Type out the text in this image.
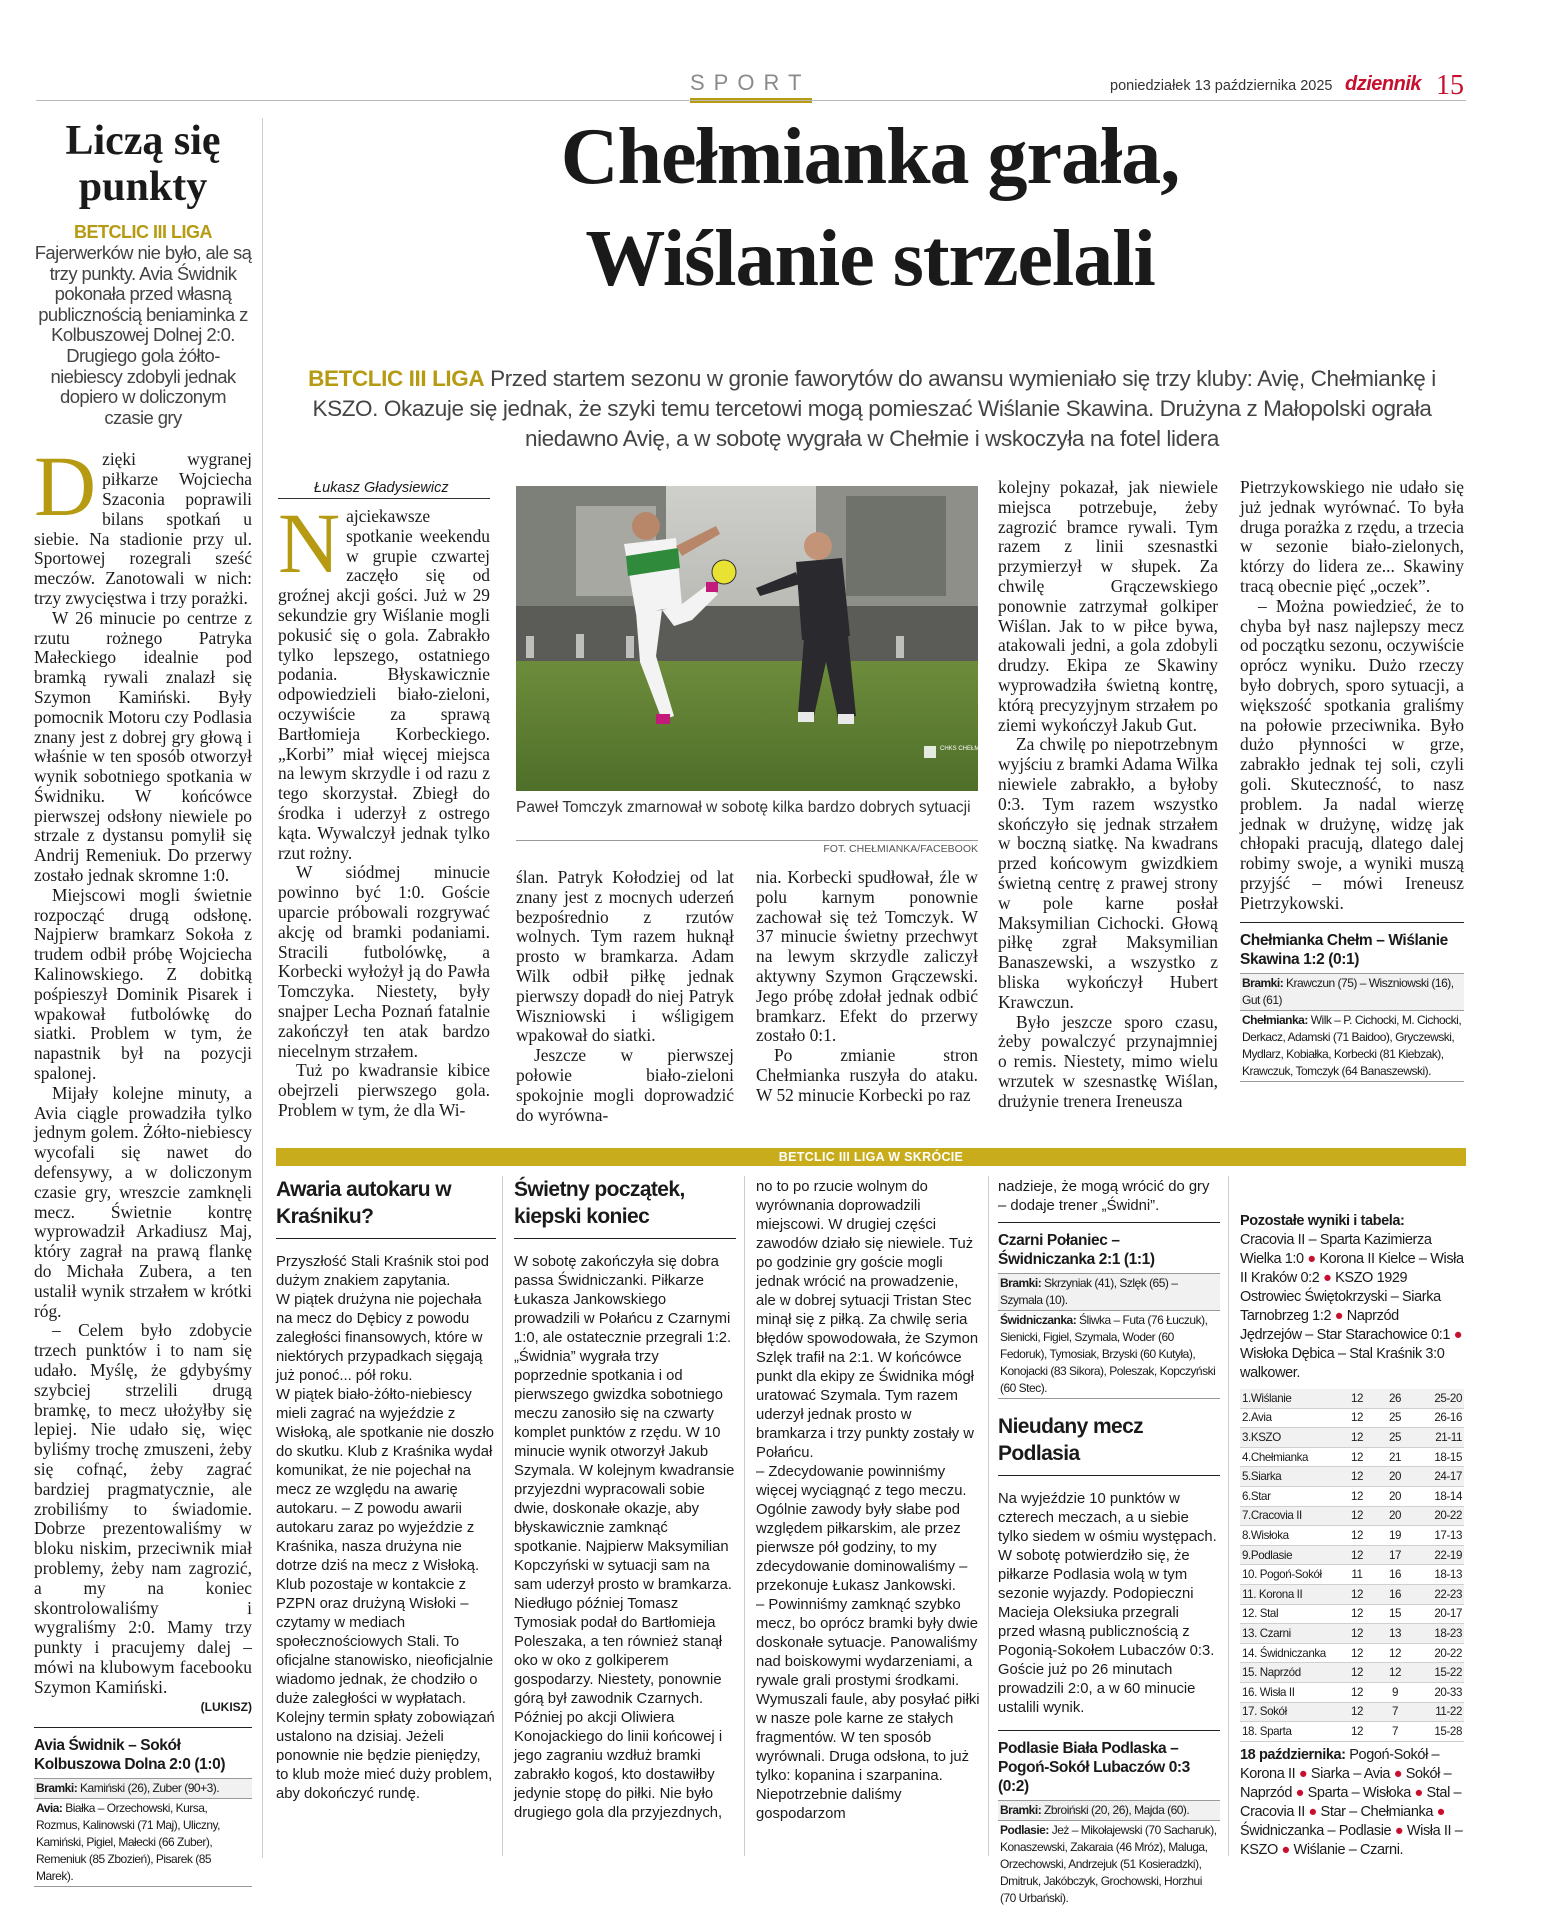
SPORT	poniedziałek 13 października 2025 dziennik 15
Liczą się punkty
BETCLIC III LIGA
Fajerwerków nie było, ale są trzy punkty. Avia Świdnik pokonała przed własną publicznością beniaminka z Kolbuszowej Dolnej 2:0. Drugiego gola żółto-niebiescy zdobyli jednak dopiero w doliczonym czasie gry

Dzięki wygranej piłkarze Wojciecha Szaconia poprawili bilans spotkań u siebie. Na stadionie przy ul. Sportowej rozegrali sześć meczów. Zanotowali w nich: trzy zwycięstwa i trzy porażki.

W 26 minucie po centrze z rzutu rożnego Patryka Małeckiego idealnie pod bramką rywali znalazł się Szymon Kamiński. Były pomocnik Motoru czy Podlasia znany jest z dobrej gry głową i właśnie w ten sposób otworzył wynik sobotniego spotkania w Świdniku. W końcówce pierwszej odsłony niewiele po strzale z dystansu pomylił się Andrij Remeniuk. Do przerwy zostało jednak skromne 1:0.

Miejscowi mogli świetnie rozpocząć drugą odsłonę. Najpierw bramkarz Sokoła z trudem odbił próbę Wojciecha Kalinowskiego. Z dobitką pośpieszył Dominik Pisarek i wpakował futbolówkę do siatki. Problem w tym, że napastnik był na pozycji spalonej.

Mijały kolejne minuty, a Avia ciągle prowadziła tylko jednym golem. Żółto-niebiescy wycofali się nawet do defensywy, a w doliczonym czasie gry, wreszcie zamknęli mecz. Świetnie kontrę wyprowadził Arkadiusz Maj, który zagrał na prawą flankę do Michała Zubera, a ten ustalił wynik strzałem w krótki róg.

– Celem było zdobycie trzech punktów i to nam się udało. Myślę, że gdybyśmy szybciej strzelili drugą bramkę, to mecz ułożyłby się lepiej. Nie udało się, więc byliśmy trochę zmuszeni, żeby się cofnąć, żeby zagrać bardziej pragmatycznie, ale zrobiliśmy to świadomie. Dobrze prezentowaliśmy w bloku niskim, przeciwnik miał problemy, żeby nam zagrozić, a my na koniec skontrolowaliśmy i wygraliśmy 2:0. Mamy trzy punkty i pracujemy dalej – mówi na klubowym facebooku Szymon Kamiński.

(LUKISZ)
Avia Świdnik – Sokół Kolbuszowa Dolna 2:0 (1:0)
Bramki: Kamiński (26), Zuber (90+3).
Avia: Białka – Orzechowski, Kursa, Rozmus, Kalinowski (71 Maj), Uliczny, Kamiński, Pigiel, Małecki (66 Zuber), Remeniuk (85 Zbozień), Pisarek (85 Marek).
Chełmianka grała,
Wiślanie strzelali
BETCLIC III LIGA Przed startem sezonu w gronie faworytów do awansu wymieniało się trzy kluby: Avię, Chełmiankę i KSZO. Okazuje się jednak, że szyki temu tercetowi mogą pomieszać Wiślanie Skawina. Drużyna z Małopolski ograła niedawno Avię, a w sobotę wygrała w Chełmie i wskoczyła na fotel lidera
Łukasz Gładysiewicz

Najciekawsze spotkanie weekendu w grupie czwartej zaczęło się od groźnej akcji gości. Już w 29 sekundzie gry Wiślanie mogli pokusić się o gola. Zabrakło tylko lepszego, ostatniego podania. Błyskawicznie odpowiedzieli biało-zieloni, oczywiście za sprawą Bartłomieja Korbeckiego. „Korbi” miał więcej miejsca na lewym skrzydle i od razu z tego skorzystał. Zbiegł do środka i uderzył z ostrego kąta. Wywalczył jednak tylko rzut rożny.

W siódmej minucie powinno być 1:0. Goście uparcie próbowali rozgrywać akcję od bramki podaniami. Stracili futbolówkę, a Korbecki wyłożył ją do Pawła Tomczyka. Niestety, były snajper Lecha Poznań fatalnie zakończył ten atak bardzo niecelnym strzałem.

Tuż po kwadransie kibice obejrzeli pierwszego gola. Problem w tym, że dla Wi-

CHKS CHEŁMIANKA CHEŁM
Paweł Tomczyk zmarnował w sobotę kilka bardzo dobrych sytuacji
FOT. CHEŁMIANKA/FACEBOOK

ślan. Patryk Kołodziej od lat znany jest z mocnych uderzeń bezpośrednio z rzutów wolnych. Tym razem huknął prosto w bramkarza. Adam Wilk odbił piłkę jednak pierwszy dopadł do niej Patryk Wiszniowski i wśligigem wpakował do siatki.

Jeszcze w pierwszej połowie biało-zieloni spokojnie mogli doprowadzić do wyrówna-

nia. Korbecki spudłował, źle w polu karnym ponownie zachował się też Tomczyk. W 37 minucie świetny przechwyt na lewym skrzydle zaliczył aktywny Szymon Grączewski. Jego próbę zdołał jednak odbić bramkarz. Efekt do przerwy zostało 0:1.

Po zmianie stron Chełmianka ruszyła do ataku. W 52 minucie Korbecki po raz

kolejny pokazał, jak niewiele miejsca potrzebuje, żeby zagrozić bramce rywali. Tym razem z linii szesnastki przymierzył w słupek. Za chwilę Grączewskiego ponownie zatrzymał golkiper Wiślan. Jak to w piłce bywa, atakowali jedni, a gola zdobyli drudzy. Ekipa ze Skawiny wyprowadziła świetną kontrę, którą precyzyjnym strzałem po ziemi wykończył Jakub Gut.

Za chwilę po niepotrzebnym wyjściu z bramki Adama Wilka niewiele zabrakło, a byłoby 0:3. Tym razem wszystko skończyło się jednak strzałem w boczną siatkę. Na kwadrans przed końcowym gwizdkiem świetną centrę z prawej strony w pole karne posłał Maksymilian Cichocki. Głową piłkę zgrał Maksymilian Banaszewski, a wszystko z bliska wykończył Hubert Krawczun.

Było jeszcze sporo czasu, żeby powalczyć przynajmniej o remis. Niestety, mimo wielu wrzutek w szesnastkę Wiślan, drużynie trenera Ireneusza

Pietrzykowskiego nie udało się już jednak wyrównać. To była druga porażka z rzędu, a trzecia w sezonie biało-zielonych, którzy do lidera ze... Skawiny tracą obecnie pięć „oczek”.

– Można powiedzieć, że to chyba był nasz najlepszy mecz od początku sezonu, oczywiście oprócz wyniku. Dużo rzeczy było dobrych, sporo sytuacji, a większość spotkania graliśmy na połowie przeciwnika. Było dużo płynności w grze, zabrakło jednak tej soli, czyli goli. Skuteczność, to nasz problem. Ja nadal wierzę jednak w drużynę, widzę jak chłopaki pracują, dlatego dalej robimy swoje, a wyniki muszą przyjść – mówi Ireneusz Pietrzykowski.

Chełmianka Chełm – Wiślanie Skawina 1:2 (0:1)
Bramki: Krawczun (75) – Wiszniowski (16), Gut (61)
Chełmianka: Wilk – P. Cichocki, M. Cichocki, Derkacz, Adamski (71 Baidoo), Gryczewski, Mydlarz, Kobiałka, Korbecki (81 Kiebzak), Krawczuk, Tomczyk (64 Banaszewski).
BETCLIC III LIGA W SKRÓCIE
Awaria autokaru w Kraśniku?

Przyszłość Stali Kraśnik stoi pod dużym znakiem zapytania.

W piątek drużyna nie pojechała na mecz do Dębicy z powodu zaległości finansowych, które w niektórych przypadkach sięgają już ponoć... pół roku.

W piątek biało-żółto-niebiescy mieli zagrać na wyjeździe z Wisłoką, ale spotkanie nie doszło do skutku. Klub z Kraśnika wydał komunikat, że nie pojechał na mecz ze względu na awarię autokaru. – Z powodu awarii autokaru zaraz po wyjeździe z Kraśnika, nasza drużyna nie dotrze dziś na mecz z Wisłoką. Klub pozostaje w kontakcie z PZPN oraz drużyną Wisłoki – czytamy w mediach społecznościowych Stali. To oficjalne stanowisko, nieoficjalnie wiadomo jednak, że chodziło o duże zaległości w wypłatach. Kolejny termin spłaty zobowiązań ustalono na dzisiaj. Jeżeli ponownie nie będzie pieniędzy, to klub może mieć duży problem, aby dokończyć rundę.

Świetny początek, kiepski koniec

W sobotę zakończyła się dobra passa Świdniczanki. Piłkarze Łukasza Jankowskiego prowadzili w Połańcu z Czarnymi 1:0, ale ostatecznie przegrali 1:2. „Świdnia” wygrała trzy poprzednie spotkania i od pierwszego gwizdka sobotniego meczu zanosiło się na czwarty komplet punktów z rzędu. W 10 minucie wynik otworzył Jakub Szymala. W kolejnym kwadransie przyjezdni wypracowali sobie dwie, doskonałe okazje, aby błyskawicznie zamknąć spotkanie. Najpierw Maksymilian Kopczyński w sytuacji sam na sam uderzył prosto w bramkarza. Niedługo później Tomasz Tymosiak podał do Bartłomieja Poleszaka, a ten również stanął oko w oko z golkiperem gospodarzy. Niestety, ponownie górą był zawodnik Czarnych. Później po akcji Oliwiera Konojackiego do linii końcowej i jego zagraniu wzdłuż bramki zabrakło kogoś, kto dostawiłby jedynie stopę do piłki. Nie było drugiego gola dla przyjezdnych,

no to po rzucie wolnym do wyrównania doprowadzili miejscowi. W drugiej części zawodów działo się niewiele. Tuż po godzinie gry goście mogli jednak wrócić na prowadzenie, ale w dobrej sytuacji Tristan Stec minął się z piłką. Za chwilę seria błędów spowodowała, że Szymon Szlęk trafił na 2:1. W końcówce punkt dla ekipy ze Świdnika mógł uratować Szymala. Tym razem uderzył jednak prosto w bramkarza i trzy punkty zostały w Połańcu.

– Zdecydowanie powinniśmy więcej wyciągnąć z tego meczu. Ogólnie zawody były słabe pod względem piłkarskim, ale przez pierwsze pół godziny, to my zdecydowanie dominowaliśmy – przekonuje Łukasz Jankowski.

– Powinniśmy zamknąć szybko mecz, bo oprócz bramki były dwie doskonałe sytuacje. Panowaliśmy nad boiskowymi wydarzeniami, a rywale grali prostymi środkami. Wymuszali faule, aby posyłać piłki w nasze pole karne ze stałych fragmentów. W ten sposób wyrównali. Druga odsłona, to już tylko: kopanina i szarpanina. Niepotrzebnie daliśmy gospodarzom

nadzieje, że mogą wrócić do gry – dodaje trener „Świdni”.
Czarni Połaniec – Świdniczanka 2:1 (1:1)
Bramki: Skrzyniak (41), Szlęk (65) – Szymala (10).
Świdniczanka: Śliwka – Futa (76 Łuczuk), Sienicki, Figiel, Szymala, Woder (60 Fedoruk), Tymosiak, Brzyski (60 Kutyła), Konojacki (83 Sikora), Poleszak, Kopczyński (60 Stec).
Nieudany mecz Podlasia

Na wyjeździe 10 punktów w czterech meczach, a u siebie tylko siedem w ośmiu występach. W sobotę potwierdziło się, że piłkarze Podlasia wolą w tym sezonie wyjazdy. Podopieczni Macieja Oleksiuka przegrali przed własną publicznością z Pogonią-Sokołem Lubaczów 0:3. Goście już po 26 minutach prowadzili 2:0, a w 60 minucie ustalili wynik.

Podlasie Biała Podlaska – Pogoń-Sokół Lubaczów 0:3 (0:2)
Bramki: Zbroiński (20, 26), Majda (60).
Podlasie: Jeż – Mikołajewski (70 Sacharuk), Konaszewski, Zakaraia (46 Mróz), Maluga, Orzechowski, Andrzejuk (51 Kosieradzki), Dmitruk, Jakóbczyk, Grochowski, Horzhui (70 Urbański).
Pozostałe wyniki i tabela:
Cracovia II – Sparta Kazimierza Wielka 1:0 ● Korona II Kielce – Wisła II Kraków 0:2 ● KSZO 1929 Ostrowiec Świętokrzyski – Siarka Tarnobrzeg 1:2 ● Naprzód Jędrzejów – Star Starachowice 0:1 ● Wisłoka Dębica – Stal Kraśnik 3:0 walkower.
1.Wiślanie	12	26	25-20
2.Avia	12	25	26-16
3.KSZO	12	25	21-11
4.Chełmianka	12	21	18-15
5.Siarka	12	20	24-17
6.Star	12	20	18-14
7.Cracovia II	12	20	20-22
8.Wisłoka	12	19	17-13
9.Podlasie	12	17	22-19
10. Pogoń-Sokół	11	16	18-13
11. Korona II	12	16	22-23
12. Stal	12	15	20-17
13. Czarni	12	13	18-23
14. Świdniczanka	12	12	20-22
15. Naprzód	12	12	15-22
16. Wisła II	12	9	20-33
17. Sokół	12	7	11-22
18. Sparta	12	7	15-28
18 października: Pogoń-Sokół – Korona II ● Siarka – Avia ● Sokół – Naprzód ● Sparta – Wisłoka ● Stal – Cracovia II ● Star – Chełmianka ● Świdniczanka – Podlasie ● Wisła II – KSZO ● Wiślanie – Czarni.
